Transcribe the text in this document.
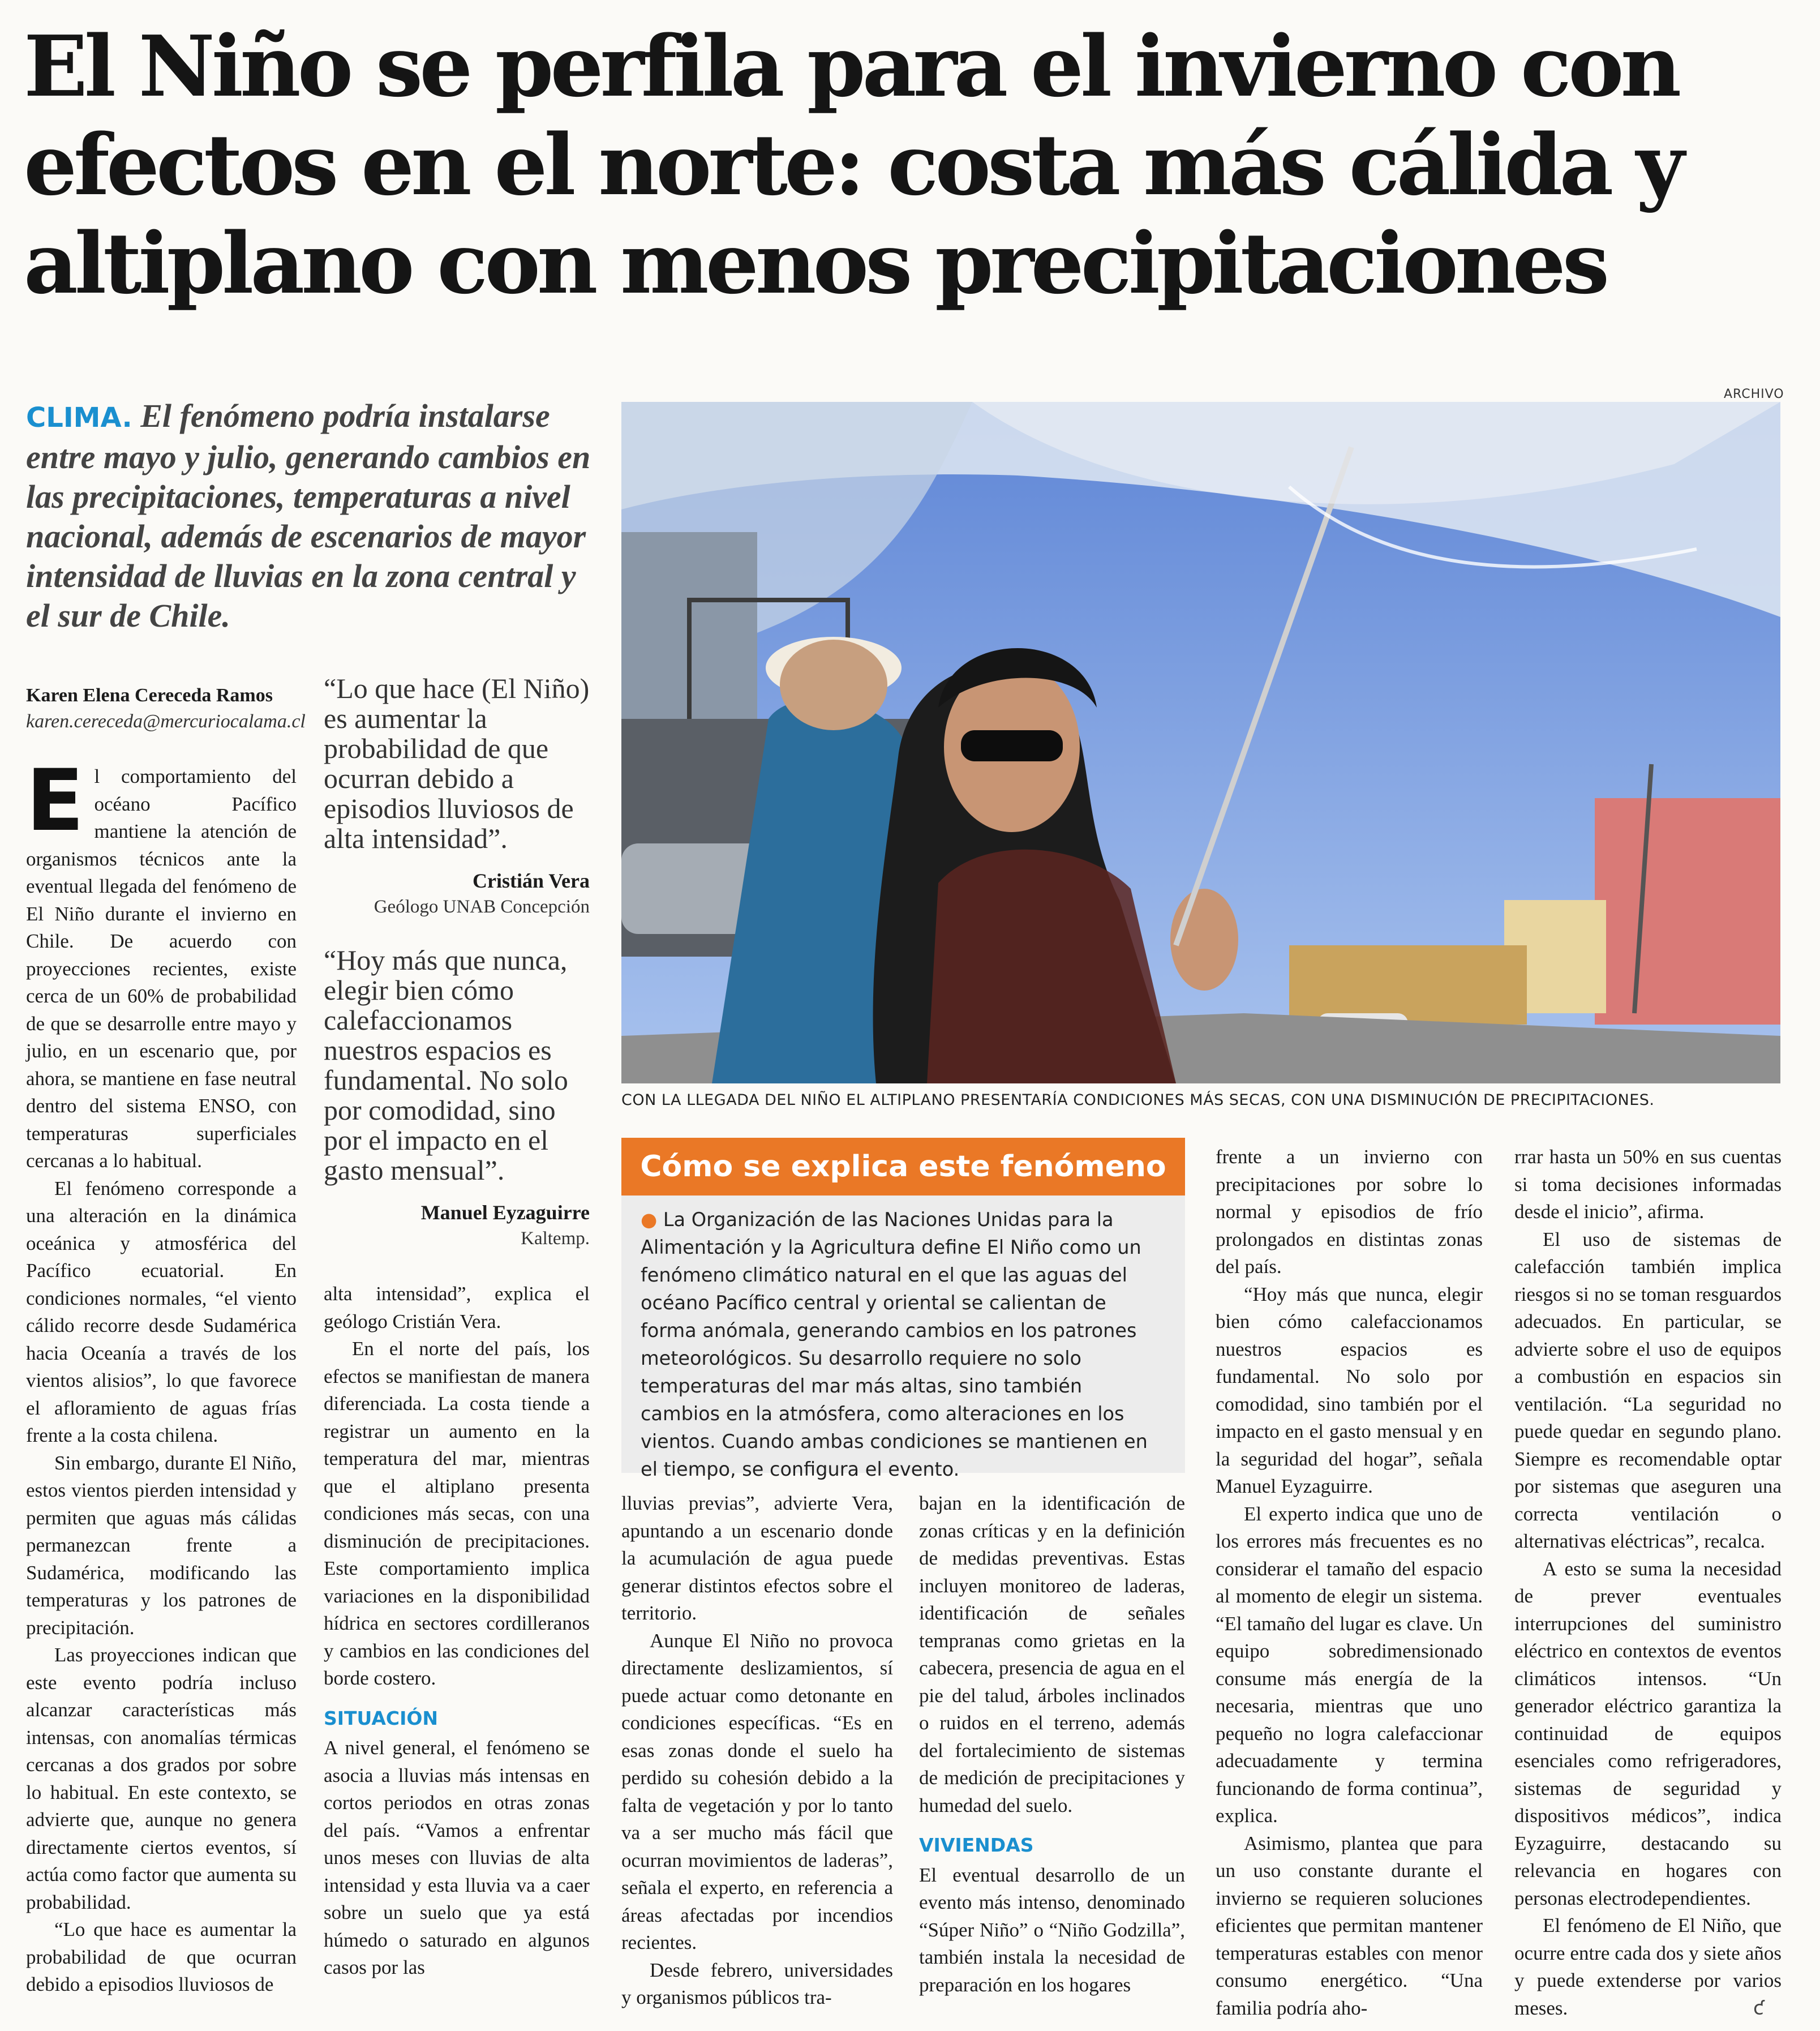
El Niño se perfila para el invierno con efectos en el norte: costa más cálida y altiplano con menos precipitaciones
CLIMA. El fenómeno podría instalarse entre mayo y julio, generando cambios en las precipitaciones, temperaturas a nivel nacional, además de escenarios de mayor intensidad de lluvias en la zona central y el sur de Chile.
Karen Elena Cereceda Ramos
karen.cereceda@mercuriocalama.cl

El comportamiento del océano Pacífico mantiene la atención de organismos técnicos ante la eventual llegada del fenómeno de El Niño durante el invierno en Chile. De acuerdo con proyecciones recientes, existe cerca de un 60% de probabilidad de que se desarrolle entre mayo y julio, en un escenario que, por ahora, se mantiene en fase neutral dentro del sistema ENSO, con temperaturas superficiales cercanas a lo habitual.

El fenómeno corresponde a una alteración en la dinámica oceánica y atmosférica del Pacífico ecuatorial. En condiciones normales, “el viento cálido recorre desde Sudamérica hacia Oceanía a través de los vientos alisios”, lo que favorece el afloramiento de aguas frías frente a la costa chilena.

Sin embargo, durante El Niño, estos vientos pierden intensidad y permiten que aguas más cálidas permanezcan frente a Sudamérica, modificando las temperaturas y los patrones de precipitación.

Las proyecciones indican que este evento podría incluso alcanzar características más intensas, con anomalías térmicas cercanas a dos grados por sobre lo habitual. En este contexto, se advierte que, aunque no genera directamente ciertos eventos, sí actúa como factor que aumenta su probabilidad.

“Lo que hace es aumentar la probabilidad de que ocurran debido a episodios lluviosos de

“Lo que hace (El Niño) es aumentar la probabilidad de que ocurran debido a episodios lluviosos de alta intensidad”.
Cristián Vera
Geólogo UNAB Concepción
“Hoy más que nunca, elegir bien cómo calefaccionamos nuestros espacios es fundamental. No solo por comodidad, sino por el impacto en el gasto mensual”.
Manuel Eyzaguirre
Kaltemp.

alta intensidad”, explica el geólogo Cristián Vera.

En el norte del país, los efectos se manifiestan de manera diferenciada. La costa tiende a registrar un aumento en la temperatura del mar, mientras que el altiplano presenta condiciones más secas, con una disminución de precipitaciones. Este comportamiento implica variaciones en la disponibilidad hídrica en sectores cordilleranos y cambios en las condiciones del borde costero.

SITUACIÓN

A nivel general, el fenómeno se asocia a lluvias más intensas en cortos periodos en otras zonas del país. “Vamos a enfrentar unos meses con lluvias de alta intensidad y esta lluvia va a caer sobre un suelo que ya está húmedo o saturado en algunos casos por las

ARCHIVO
CON LA LLEGADA DEL NIÑO EL ALTIPLANO PRESENTARÍA CONDICIONES MÁS SECAS, CON UNA DISMINUCIÓN DE PRECIPITACIONES.
Cómo se explica este fenómeno
● La Organización de las Naciones Unidas para la Alimentación y la Agricultura define El Niño como un fenómeno climático natural en el que las aguas del océano Pacífico central y oriental se calientan de forma anómala, generando cambios en los patrones meteorológicos. Su desarrollo requiere no solo temperaturas del mar más altas, sino también cambios en la atmósfera, como alteraciones en los vientos. Cuando ambas condiciones se mantienen en el tiempo, se configura el evento.

lluvias previas”, advierte Vera, apuntando a un escenario donde la acumulación de agua puede generar distintos efectos sobre el territorio.

Aunque El Niño no provoca directamente deslizamientos, sí puede actuar como detonante en condiciones específicas. “Es en esas zonas donde el suelo ha perdido su cohesión debido a la falta de vegetación y por lo tanto va a ser mucho más fácil que ocurran movimientos de laderas”, señala el experto, en referencia a áreas afectadas por incendios recientes.

Desde febrero, universidades y organismos públicos tra-

bajan en la identificación de zonas críticas y en la definición de medidas preventivas. Estas incluyen monitoreo de laderas, identificación de señales tempranas como grietas en la cabecera, presencia de agua en el pie del talud, árboles inclinados o ruidos en el terreno, además del fortalecimiento de sistemas de medición de precipitaciones y humedad del suelo.

VIVIENDAS

El eventual desarrollo de un evento más intenso, denominado “Súper Niño” o “Niño Godzilla”, también instala la necesidad de preparación en los hogares

frente a un invierno con precipitaciones por sobre lo normal y episodios de frío prolongados en distintas zonas del país.

“Hoy más que nunca, elegir bien cómo calefaccionamos nuestros espacios es fundamental. No solo por comodidad, sino también por el impacto en el gasto mensual y en la seguridad del hogar”, señala Manuel Eyzaguirre.

El experto indica que uno de los errores más frecuentes es no considerar el tamaño del espacio al momento de elegir un sistema. “El tamaño del lugar es clave. Un equipo sobredimensionado consume más energía de la necesaria, mientras que uno pequeño no logra calefaccionar adecuadamente y termina funcionando de forma continua”, explica.

Asimismo, plantea que para un uso constante durante el invierno se requieren soluciones eficientes que permitan mantener temperaturas estables con menor consumo energético. “Una familia podría aho-

rrar hasta un 50% en sus cuentas si toma decisiones informadas desde el inicio”, afirma.

El uso de sistemas de calefacción también implica riesgos si no se toman resguardos adecuados. En particular, se advierte sobre el uso de equipos a combustión en espacios sin ventilación. “La seguridad no puede quedar en segundo plano. Siempre es recomendable optar por sistemas que aseguren una correcta ventilación o alternativas eléctricas”, recalca.

A esto se suma la necesidad de prever eventuales interrupciones del suministro eléctrico en contextos de eventos climáticos intensos. “Un generador eléctrico garantiza la continuidad de equipos esenciales como refrigeradores, sistemas de seguridad y dispositivos médicos”, indica Eyzaguirre, destacando su relevancia en hogares con personas electrodependientes.

El fenómeno de El Niño, que ocurre entre cada dos y siete años y puede extenderse por varios meses.	ƈ
